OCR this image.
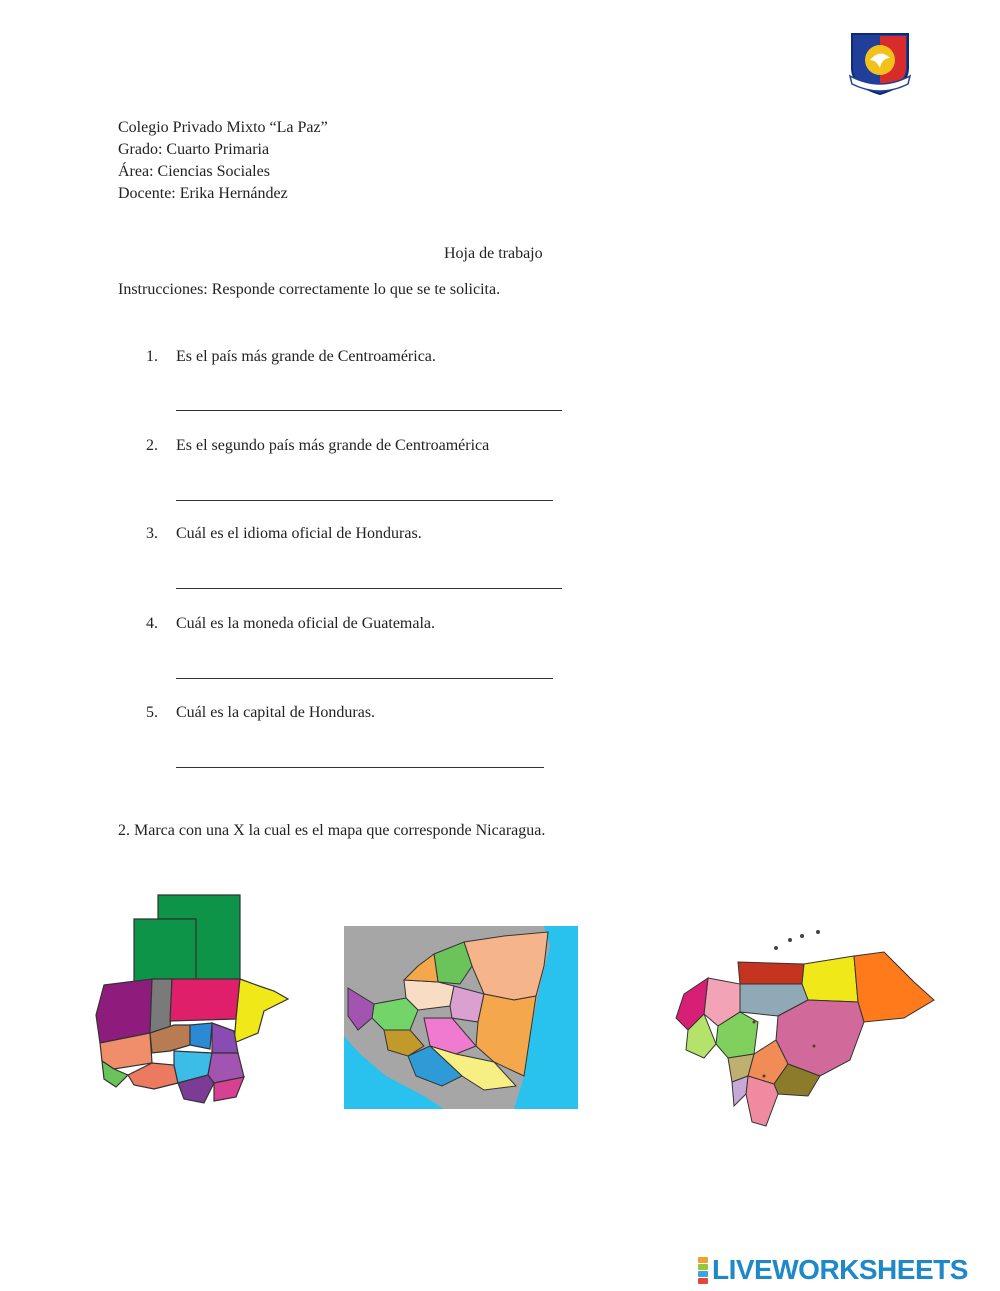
Colegio Privado Mixto “La Paz”
Grado: Cuarto Primaria
Área: Ciencias Sociales
Docente: Erika Hernández
Hoja de trabajo
Instrucciones: Responde correctamente lo que se te solicita.
1. Es el país más grande de Centroamérica.
2. Es el segundo país más grande de Centroamérica
3. Cuál es el idioma oficial de Honduras.
4. Cuál es la moneda oficial de Guatemala.
5. Cuál es la capital de Honduras.
2. Marca con una X la cual es el mapa que corresponde Nicaragua.
LIVEWORKSHEETS
